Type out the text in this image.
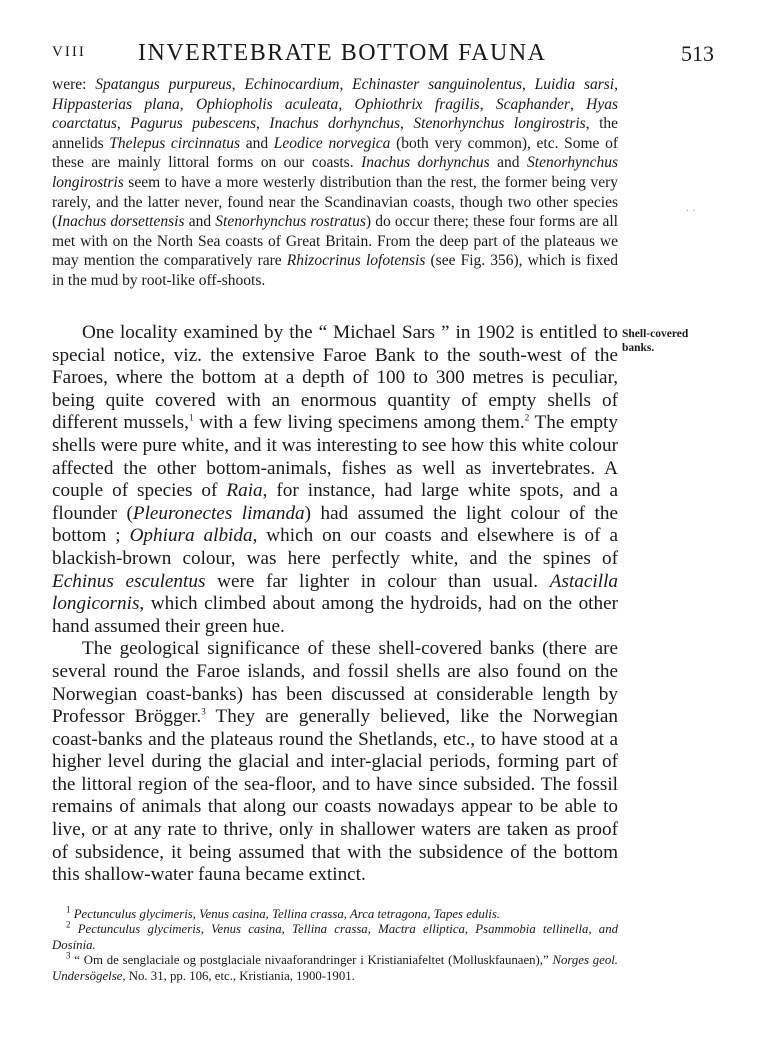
VIII INVERTEBRATE BOTTOM FAUNA	513

were: Spatangus purpureus, Echinocardium, Echinaster sanguinolentus, Luidia sarsi, Hippasterias plana, Ophiopholis aculeata, Ophiothrix fragilis, Scaphander, Hyas coarctatus, Pagurus pubescens, Inachus dorhynchus, Stenorhynchus longirostris, the annelids Thelepus circinnatus and Leodice norvegica (both very common), etc. Some of these are mainly littoral forms on our coasts. Inachus dorhynchus and Stenorhynchus longirostris seem to have a more westerly distribution than the rest, the former being very rarely, and the latter never, found near the Scandinavian coasts, though two other species (Inachus dorsettensis and Stenorhynchus rostratus) do occur there; these four forms are all met with on the North Sea coasts of Great Britain. From the deep part of the plateaus we may mention the comparatively rare Rhizocrinus lofotensis (see Fig. 356), which is fixed in the mud by root-like off-shoots.

· ·
Shell-covered
banks.

One locality examined by the “ Michael Sars ” in 1902 is entitled to special notice, viz. the extensive Faroe Bank to the south-west of the Faroes, where the bottom at a depth of 100 to 300 metres is peculiar, being quite covered with an enormous quantity of empty shells of different mussels,$^1$ with a few living specimens among them.$^2$ The empty shells were pure white, and it was interesting to see how this white colour affected the other bottom-animals, fishes as well as invertebrates. A couple of species of Raia, for instance, had large white spots, and a flounder (Pleuronectes limanda) had assumed the light colour of the bottom ; Ophiura albida, which on our coasts and elsewhere is of a blackish-brown colour, was here perfectly white, and the spines of Echinus esculentus were far lighter in colour than usual. Astacilla longicornis, which climbed about among the hydroids, had on the other hand assumed their green hue.

The geological significance of these shell-covered banks (there are several round the Faroe islands, and fossil shells are also found on the Norwegian coast-banks) has been discussed at considerable length by Professor Brögger.$^3$ They are generally believed, like the Norwegian coast-banks and the plateaus round the Shetlands, etc., to have stood at a higher level during the glacial and inter-glacial periods, forming part of the littoral region of the sea-floor, and to have since subsided. The fossil remains of animals that along our coasts nowadays appear to be able to live, or at any rate to thrive, only in shallower waters are taken as proof of subsidence, it being assumed that with the subsidence of the bottom this shallow-water fauna became extinct.

$^1$ Pectunculus glycimeris, Venus casina, Tellina crassa, Arca tetragona, Tapes edulis.

$^2$ Pectunculus glycimeris, Venus casina, Tellina crassa, Mactra elliptica, Psammobia tellinella, and Dosinia.

$^3$ “ Om de senglaciale og postglaciale nivaaforandringer i Kristianiafeltet (Molluskfaunaen),” Norges geol. Undersögelse, No. 31, pp. 106, etc., Kristiania, 1900-1901.
